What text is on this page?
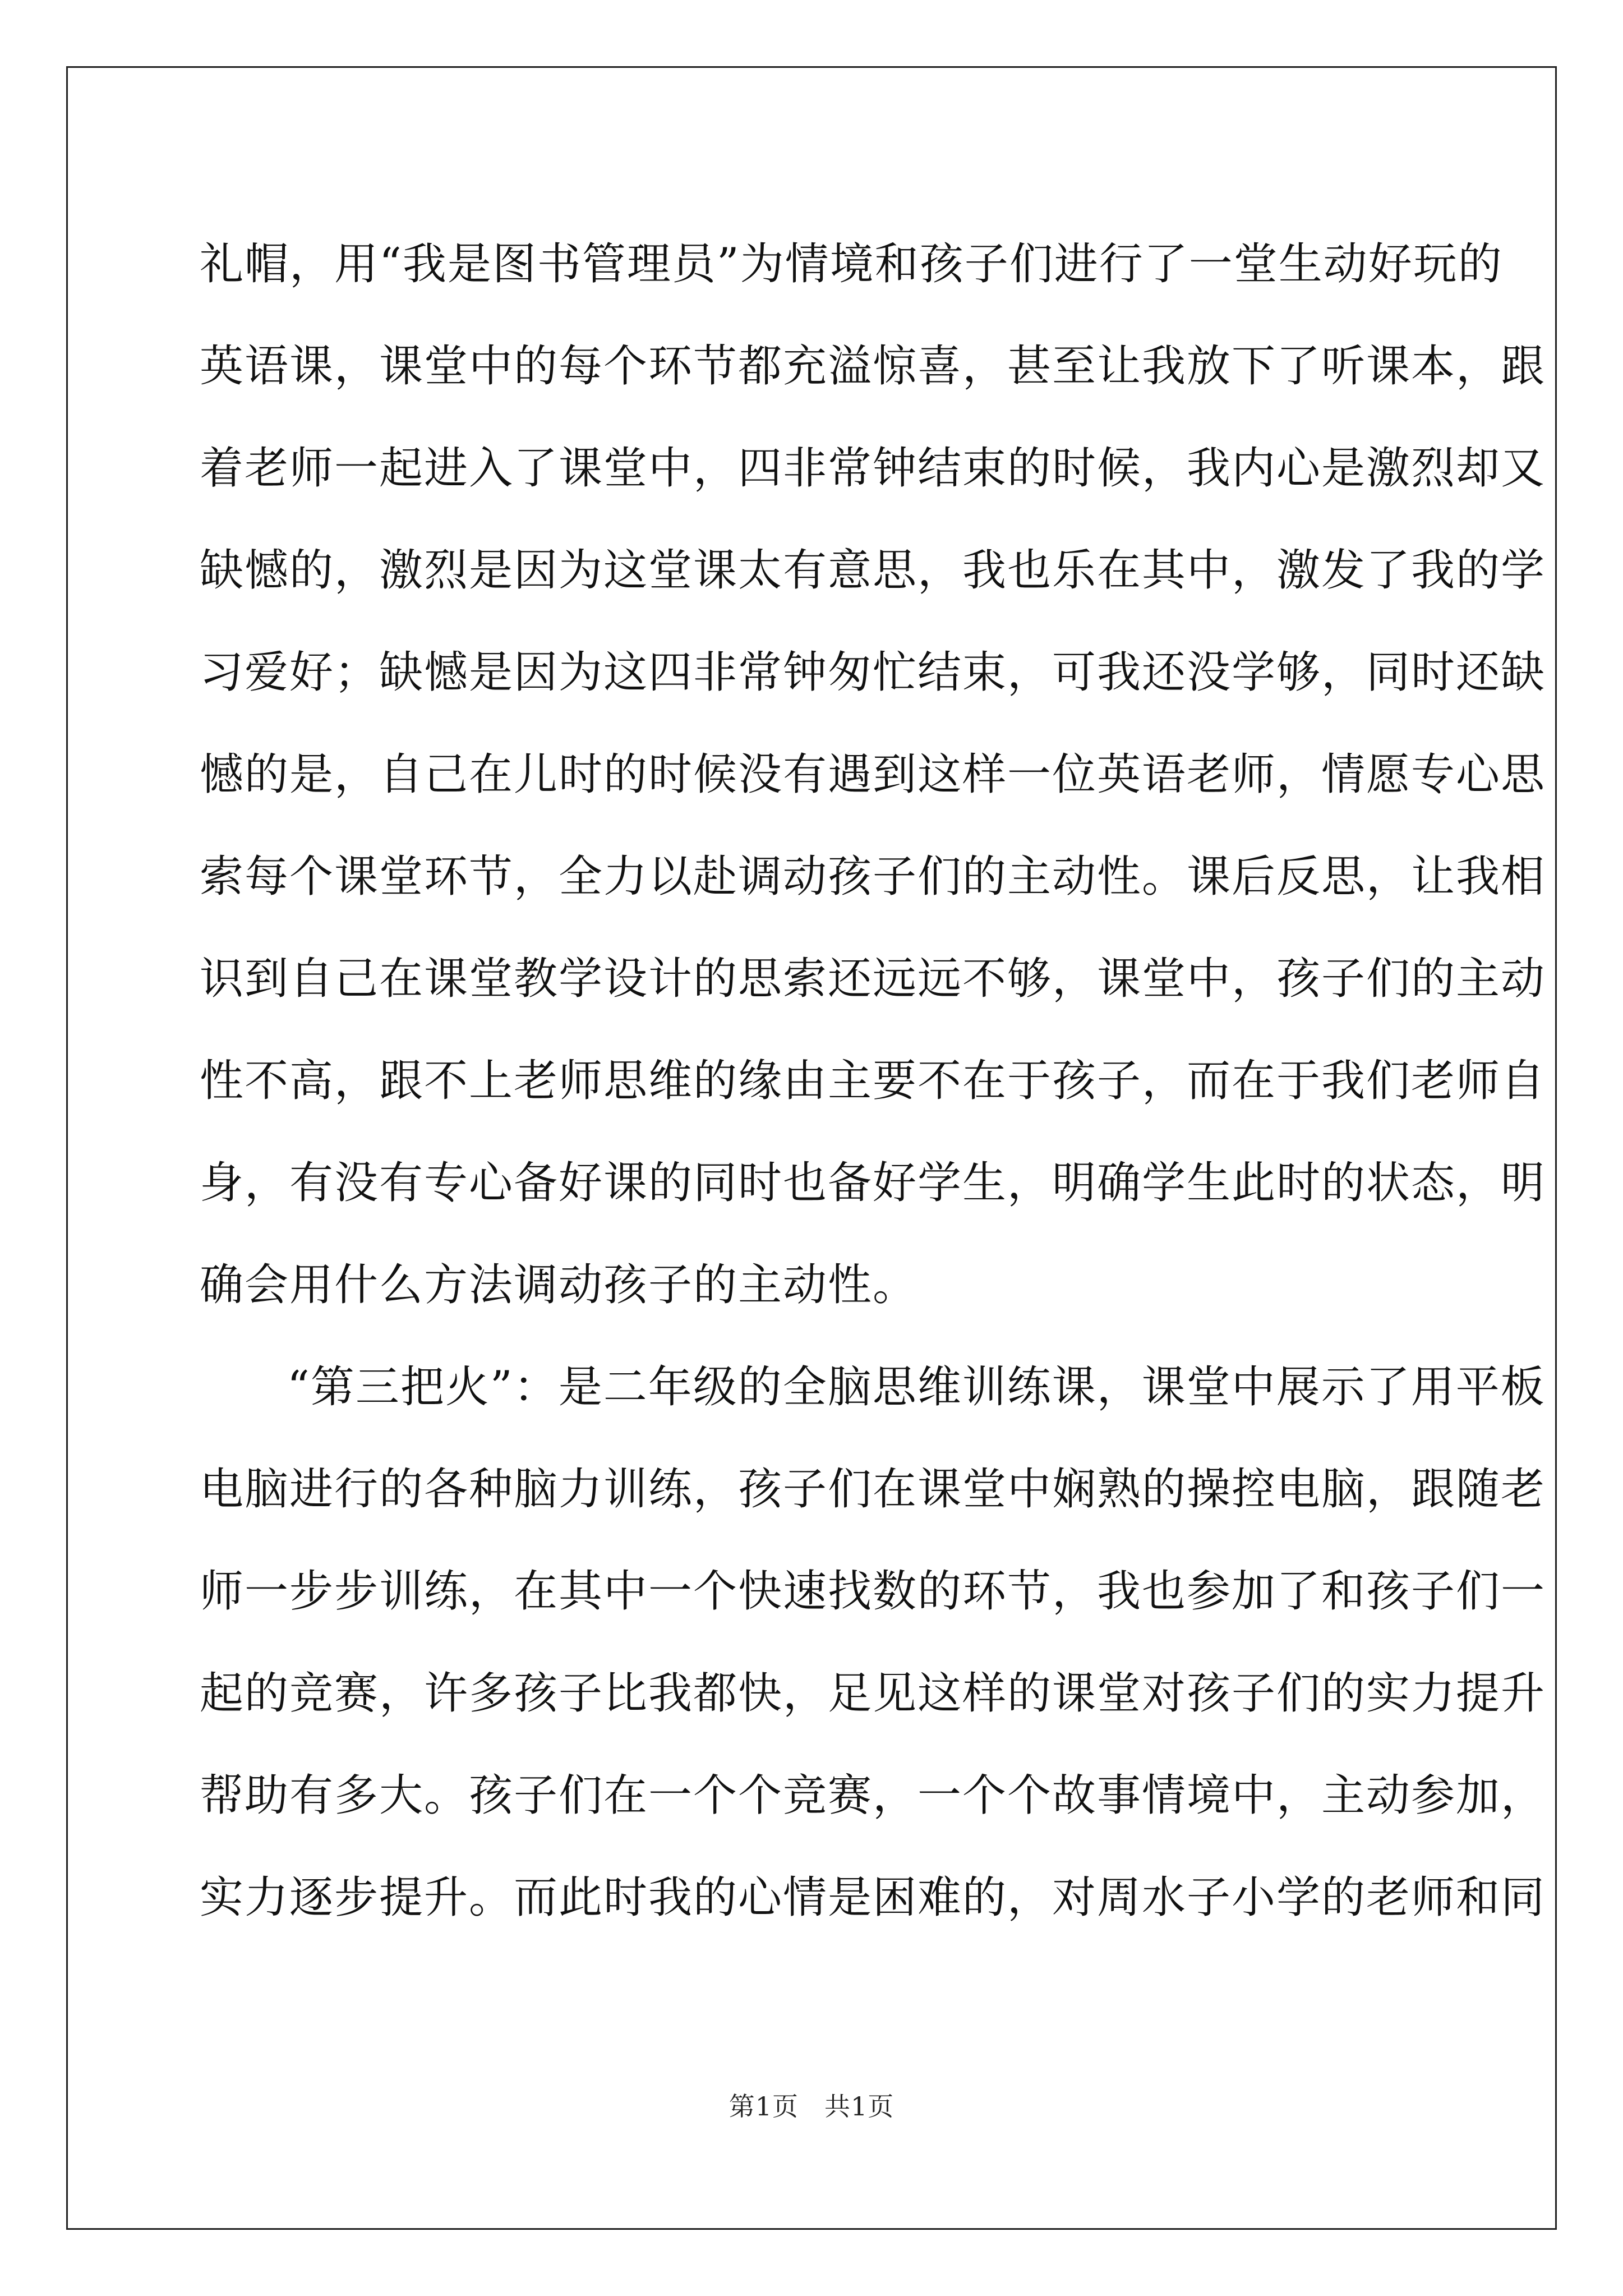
礼帽，用“我是图书管理员”为情境和孩子们进行了一堂生动好玩的
英语课，课堂中的每个环节都充溢惊喜，甚至让我放下了听课本，跟
着老师一起进入了课堂中，四非常钟结束的时候，我内心是激烈却又
缺憾的，激烈是因为这堂课太有意思，我也乐在其中，激发了我的学
习爱好；缺憾是因为这四非常钟匆忙结束，可我还没学够，同时还缺
憾的是，自己在儿时的时候没有遇到这样一位英语老师，情愿专心思
索每个课堂环节，全力以赴调动孩子们的主动性。课后反思，让我相
识到自己在课堂教学设计的思索还远远不够，课堂中，孩子们的主动
性不高，跟不上老师思维的缘由主要不在于孩子，而在于我们老师自
身，有没有专心备好课的同时也备好学生，明确学生此时的状态，明
确会用什么方法调动孩子的主动性。
“第三把火”：是二年级的全脑思维训练课，课堂中展示了用平板
电脑进行的各种脑力训练，孩子们在课堂中娴熟的操控电脑，跟随老
师一步步训练，在其中一个快速找数的环节，我也参加了和孩子们一
起的竞赛，许多孩子比我都快，足见这样的课堂对孩子们的实力提升
帮助有多大。孩子们在一个个竞赛，一个个故事情境中，主动参加，
实力逐步提升。而此时我的心情是困难的，对周水子小学的老师和同
第1页 共1页
